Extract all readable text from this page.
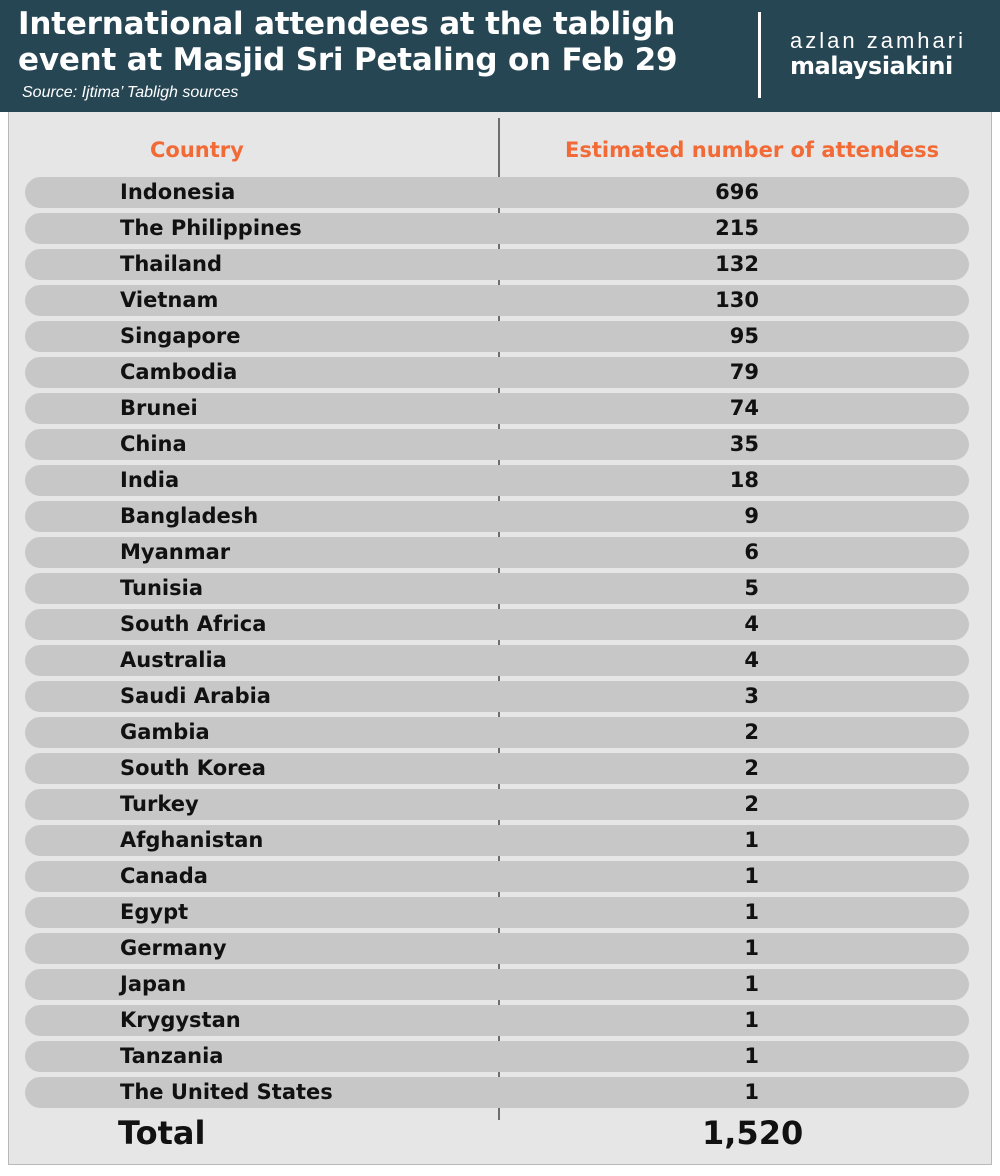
International attendees at the tabligh event at Masjid Sri Petaling on Feb 29
Source: Ijtima’ Tabligh sources
azlan zamhari
malaysiakini
Country	Estimated number of attendess
Indonesia	696
The Philippines	215
Thailand	132
Vietnam	130
Singapore	95
Cambodia	79
Brunei	74
China	35
India	18
Bangladesh	9
Myanmar	6
Tunisia	5
South Africa	4
Australia	4
Saudi Arabia	3
Gambia	2
South Korea	2
Turkey	2
Afghanistan	1
Canada	1
Egypt	1
Germany	1
Japan	1
Krygystan	1
Tanzania	1
The United States	1
Total	1,520
